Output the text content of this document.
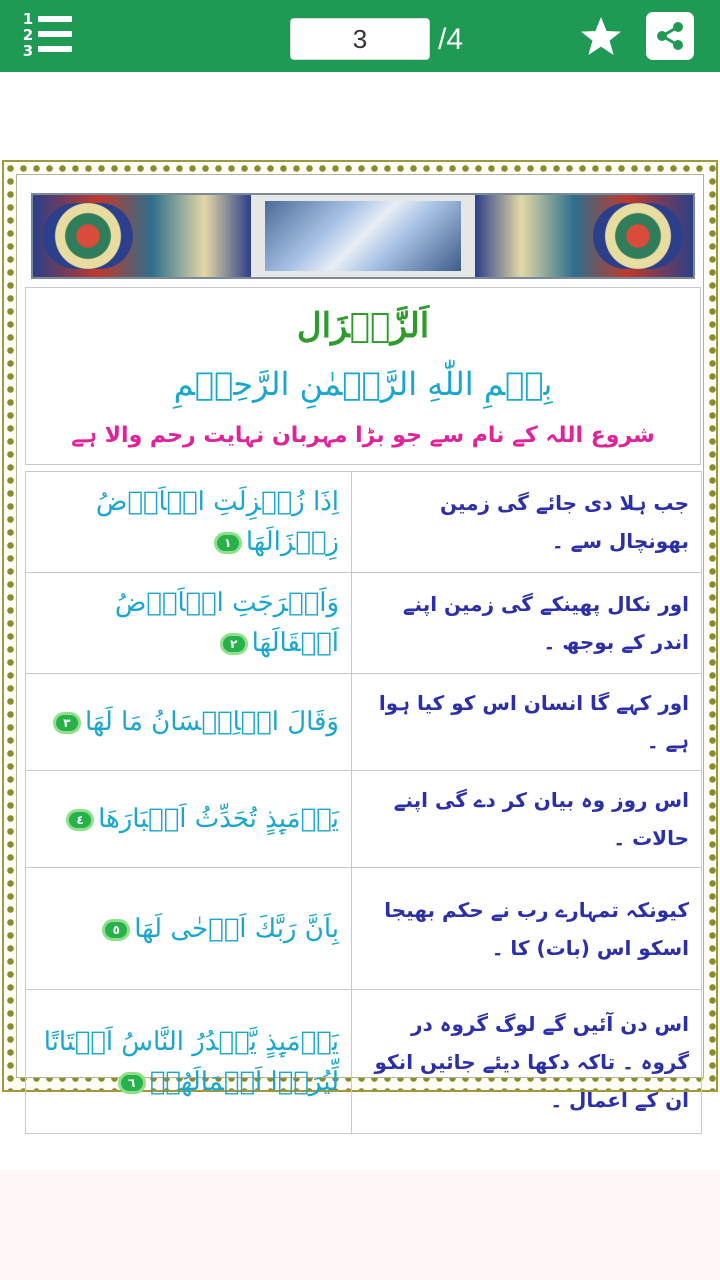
1
2
3	3	/4
اَلزَّلۡزَال
بِسۡمِ اللّٰهِ الرَّحۡمٰنِ الرَّحِيۡمِ
شروع اللہ کے نام سے جو بڑا مہربان نہایت رحم والا ہے
اِذَا زُلۡزِلَتِ الۡاَرۡضُ زِلۡزَالَهَا١	جب ہلا دی جائے گی زمین بھونچال سے ۔
وَاَخۡرَجَتِ الۡاَرۡضُ اَثۡقَالَهَا٢	اور نکال پھینکے گی زمین اپنے اندر کے بوجھ ۔
وَقَالَ الۡاِنۡسَانُ مَا لَهَا٣	اور کہے گا انسان اس کو کیا ہوا ہے ۔
يَوۡمَٮِٕذٍ تُحَدِّثُ اَخۡبَارَهَا٤	اس روز وہ بیان کر دے گی اپنے حالات ۔
بِاَنَّ رَبَّكَ اَوۡحٰى لَهَا٥	کیونکہ تمہارے رب نے حکم بھیجا اسکو اس (بات) کا ۔
يَوۡمَٮِٕذٍ يَّصۡدُرُ النَّاسُ اَشۡتَاتًا لِّيُرَوۡا اَعۡمَالَهُمۡ٦	اس دن آئیں گے لوگ گروہ در گروہ ۔ تاکہ دکھا دیئے جائیں انکو ان کے اعمال ۔
